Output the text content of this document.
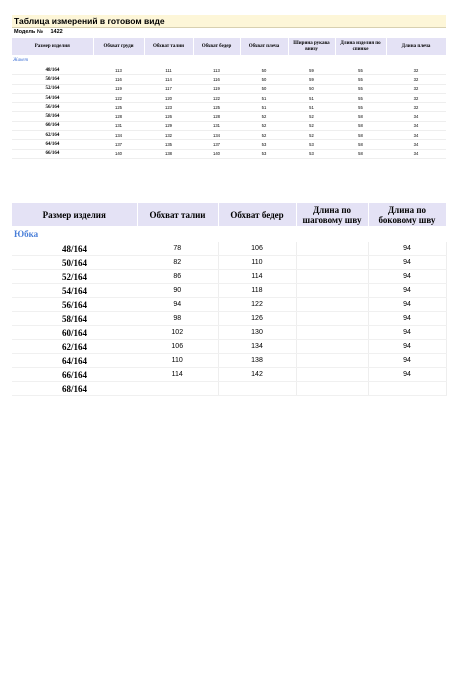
Таблица измерений в готовом виде
Модель № 1422
Размер изделия	Обхват груди	Обхват талии	Обхват бедер	Обхват плеча	Ширина рукава внизу	Длина изделия по спинке	Длина плеча
Жакет							
48/164	113	111	113	50	59	55	32
50/164	116	114	116	50	59	55	32
52/164	119	117	119	50	50	55	32
54/164	122	120	122	51	51	55	32
56/164	125	123	125	51	51	55	32
58/164	128	126	128	52	52	58	34
60/164	131	129	131	52	52	58	34
62/164	134	132	134	52	52	58	34
64/164	137	135	137	53	53	58	34
66/164	140	138	140	53	53	58	34
Размер изделия	Обхват талии	Обхват бедер	Длина по шаговому шву	Длина по боковому шву
Юбка				
48/164	78	106		94
50/164	82	110		94
52/164	86	114		94
54/164	90	118		94
56/164	94	122		94
58/164	98	126		94
60/164	102	130		94
62/164	106	134		94
64/164	110	138		94
66/164	114	142		94
68/164				
